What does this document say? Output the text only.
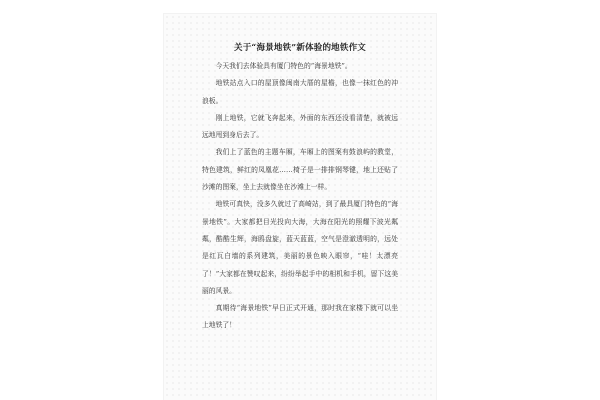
关于“海景地铁”新体验的地铁作文

今天我们去体验具有厦门特色的“海景地铁”。

地铁站点入口的屋顶像闽南大厝的屋檐，也像一抹红色的冲浪板。

刚上地铁，它就飞奔起来，外面的东西还没看清楚，就被远远地甩到身后去了。

我们上了蓝色的主题车厢，车厢上的图案有鼓浪屿的教堂，特色建筑，鲜红的凤凰花……椅子是一排排钢琴键，地上还贴了沙滩的图案，坐上去就像坐在沙滩上一样。

地铁可真快，没多久就过了高崎站，到了最具厦门特色的“海景地铁”。大家都把目光投向大海，大海在阳光的照耀下波光粼粼，酷酷生辉，海鸥盘旋，蓝天蓝蓝，空气是澄澈透明的，远处是红瓦白墙的系列建筑，美丽的景色映入眼帘，“哇！太漂亮了！”大家都在赞叹起来，纷纷举起手中的相机和手机，留下这美丽的风景。

真期待“海景地铁”早日正式开通，那时我在家楼下就可以坐上地铁了！
